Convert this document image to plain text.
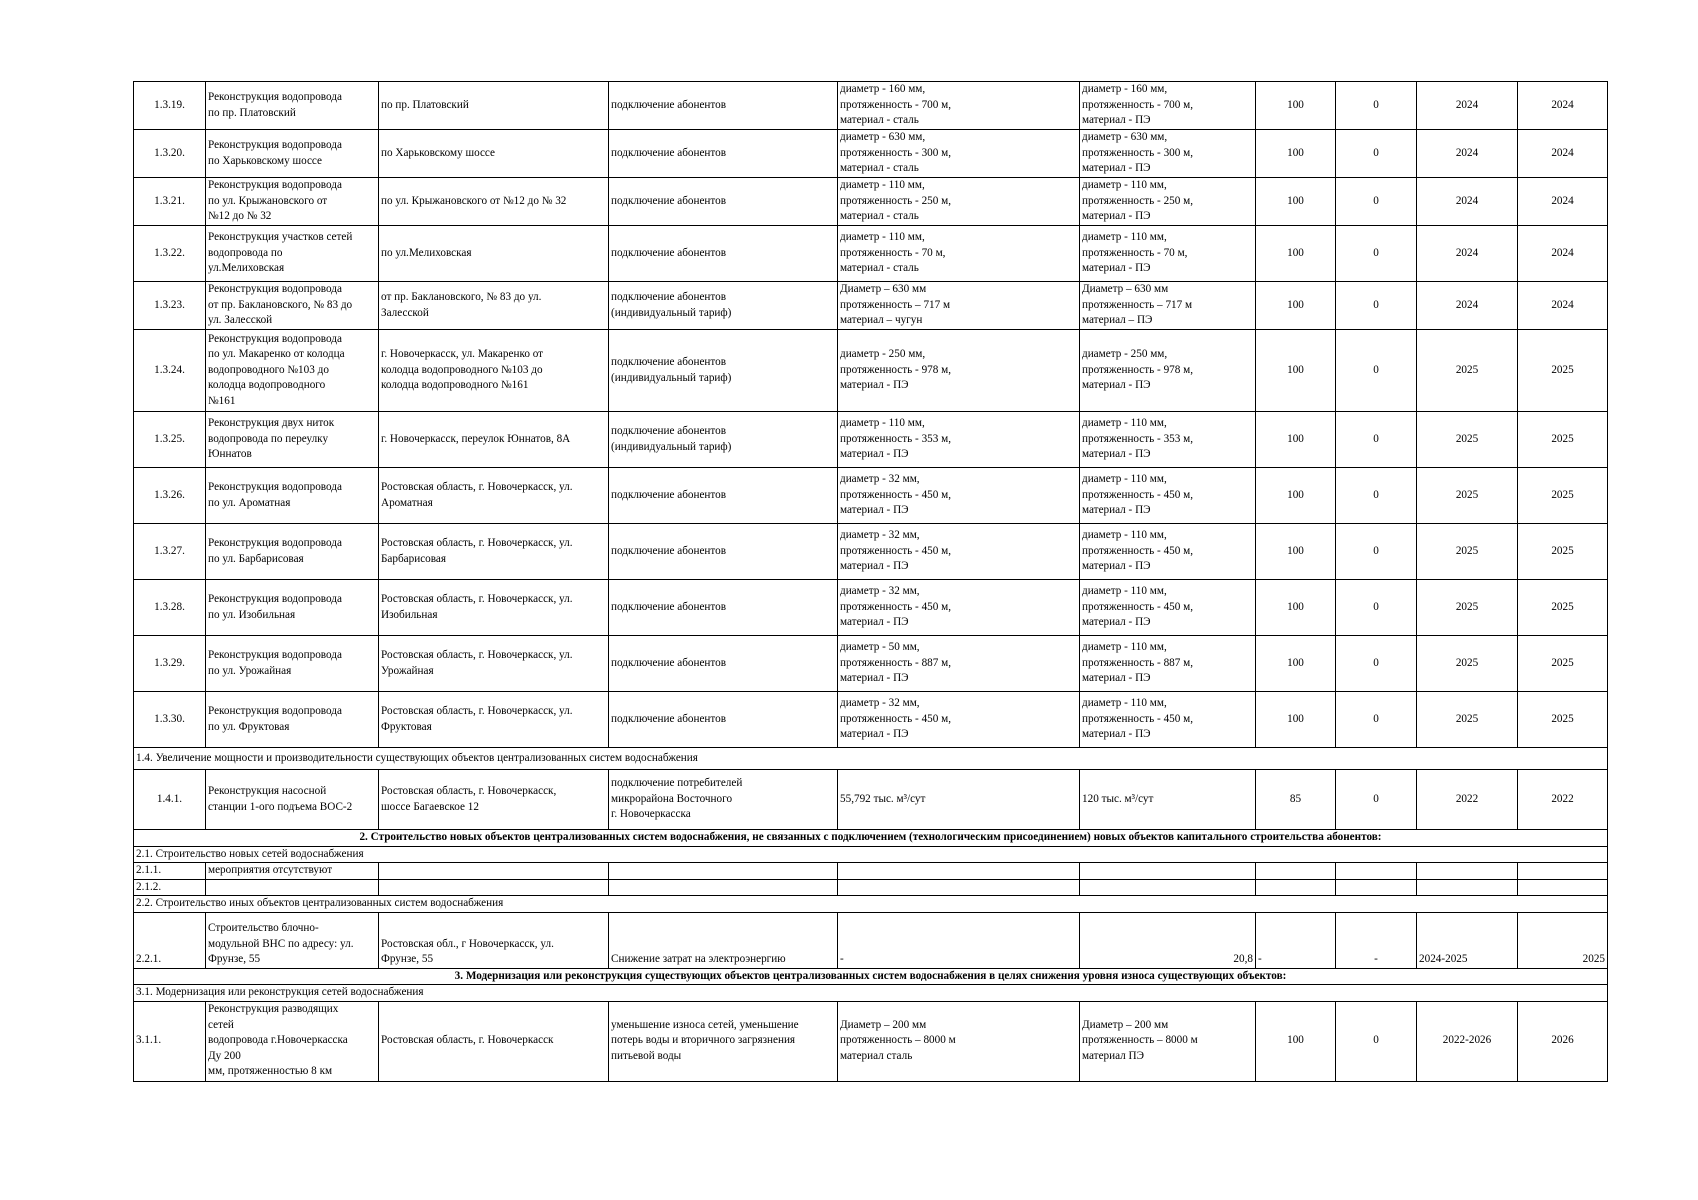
1.3.19.	Реконструкция водопровода
по пр. Платовский	по пр. Платовский	подключение абонентов	диаметр - 160 мм,
протяженность - 700 м,
материал - сталь	диаметр - 160 мм,
протяженность - 700 м,
материал - ПЭ	100	0	2024	2024
1.3.20.	Реконструкция водопровода
по Харьковскому шоссе	по Харьковскому шоссе	подключение абонентов	диаметр - 630 мм,
протяженность - 300 м,
материал - сталь	диаметр - 630 мм,
протяженность - 300 м,
материал - ПЭ	100	0	2024	2024
1.3.21.	Реконструкция водопровода
по ул. Крыжановского от
№12 до № 32	по ул. Крыжановского от №12 до № 32	подключение абонентов	диаметр - 110 мм,
протяженность - 250 м,
материал - сталь	диаметр - 110 мм,
протяженность - 250 м,
материал - ПЭ	100	0	2024	2024
1.3.22.	Реконструкция участков сетей
водопровода по
ул.Мелиховская	по ул.Мелиховская	подключение абонентов	диаметр - 110 мм,
протяженность - 70 м,
материал - сталь	диаметр - 110 мм,
протяженность - 70 м,
материал - ПЭ	100	0	2024	2024
1.3.23.	Реконструкция водопровода
от пр. Баклановского, № 83 до
ул. Залесской	от пр. Баклановского, № 83 до ул.
Залесской	подключение абонентов
(индивидуальный тариф)	Диаметр – 630 мм
протяженность – 717 м
материал – чугун	Диаметр – 630 мм
протяженность – 717 м
материал – ПЭ	100	0	2024	2024
1.3.24.	Реконструкция водопровода
по ул. Макаренко от колодца
водопроводного №103 до
колодца водопроводного
№161	г. Новочеркасск, ул. Макаренко от
колодца водопроводного №103 до
колодца водопроводного №161	подключение абонентов
(индивидуальный тариф)	диаметр - 250 мм,
протяженность - 978 м,
материал - ПЭ	диаметр - 250 мм,
протяженность - 978 м,
материал - ПЭ	100	0	2025	2025
1.3.25.	Реконструкция двух ниток
водопровода по переулку
Юннатов	г. Новочеркасск, переулок Юннатов, 8А	подключение абонентов
(индивидуальный тариф)	диаметр - 110 мм,
протяженность - 353 м,
материал - ПЭ	диаметр - 110 мм,
протяженность - 353 м,
материал - ПЭ	100	0	2025	2025
1.3.26.	Реконструкция водопровода
по ул. Ароматная	Ростовская область, г. Новочеркасск, ул.
Ароматная	подключение абонентов	диаметр - 32 мм,
протяженность - 450 м,
материал - ПЭ	диаметр - 110 мм,
протяженность - 450 м,
материал - ПЭ	100	0	2025	2025
1.3.27.	Реконструкция водопровода
по ул. Барбарисовая	Ростовская область, г. Новочеркасск, ул.
Барбарисовая	подключение абонентов	диаметр - 32 мм,
протяженность - 450 м,
материал - ПЭ	диаметр - 110 мм,
протяженность - 450 м,
материал - ПЭ	100	0	2025	2025
1.3.28.	Реконструкция водопровода
по ул. Изобильная	Ростовская область, г. Новочеркасск, ул.
Изобильная	подключение абонентов	диаметр - 32 мм,
протяженность - 450 м,
материал - ПЭ	диаметр - 110 мм,
протяженность - 450 м,
материал - ПЭ	100	0	2025	2025
1.3.29.	Реконструкция водопровода
по ул. Урожайная	Ростовская область, г. Новочеркасск, ул.
Урожайная	подключение абонентов	диаметр - 50 мм,
протяженность - 887 м,
материал - ПЭ	диаметр - 110 мм,
протяженность - 887 м,
материал - ПЭ	100	0	2025	2025
1.3.30.	Реконструкция водопровода
по ул. Фруктовая	Ростовская область, г. Новочеркасск, ул.
Фруктовая	подключение абонентов	диаметр - 32 мм,
протяженность - 450 м,
материал - ПЭ	диаметр - 110 мм,
протяженность - 450 м,
материал - ПЭ	100	0	2025	2025
1.4. Увеличение мощности и производительности существующих объектов централизованных систем водоснабжения									
1.4.1.	Реконструкция насосной
станции 1-ого подъема ВОС-2	Ростовская область, г. Новочеркасск,
шоссе Багаевское 12	подключение потребителей
микрорайона Восточного
г. Новочеркасска	55,792 тыс. м³/сут	120 тыс. м³/сут	85	0	2022	2022
2. Строительство новых объектов централизованных систем водоснабжения, не связанных с подключением (технологическим присоединением) новых объектов капитального строительства абонентов:									
2.1. Строительство новых сетей водоснабжения									
2.1.1.	мероприятия отсутствуют								
2.1.2.									
2.2. Строительство иных объектов централизованных систем водоснабжения									
2.2.1.	Строительство блочно-
модульной ВНС по адресу: ул.
Фрунзе, 55	Ростовская обл., г Новочеркасск, ул.
Фрунзе, 55	Снижение затрат на электроэнергию	-	20,8	-	-	2024-2025	2025
3. Модернизация или реконструкция существующих объектов централизованных систем водоснабжения в целях снижения уровня износа существующих объектов:									
3.1. Модернизация или реконструкция сетей водоснабжения									
3.1.1.	Реконструкция разводящих
сетей
водопровода г.Новочеркасска
Ду 200
мм, протяженностью 8 км	Ростовская область, г. Новочеркасск	уменьшение износа сетей, уменьшение
потерь воды и вторичного загрязнения
питьевой воды	Диаметр – 200 мм
протяженность – 8000 м
материал сталь	Диаметр – 200 мм
протяженность – 8000 м
материал ПЭ	100	0	2022-2026	2026
